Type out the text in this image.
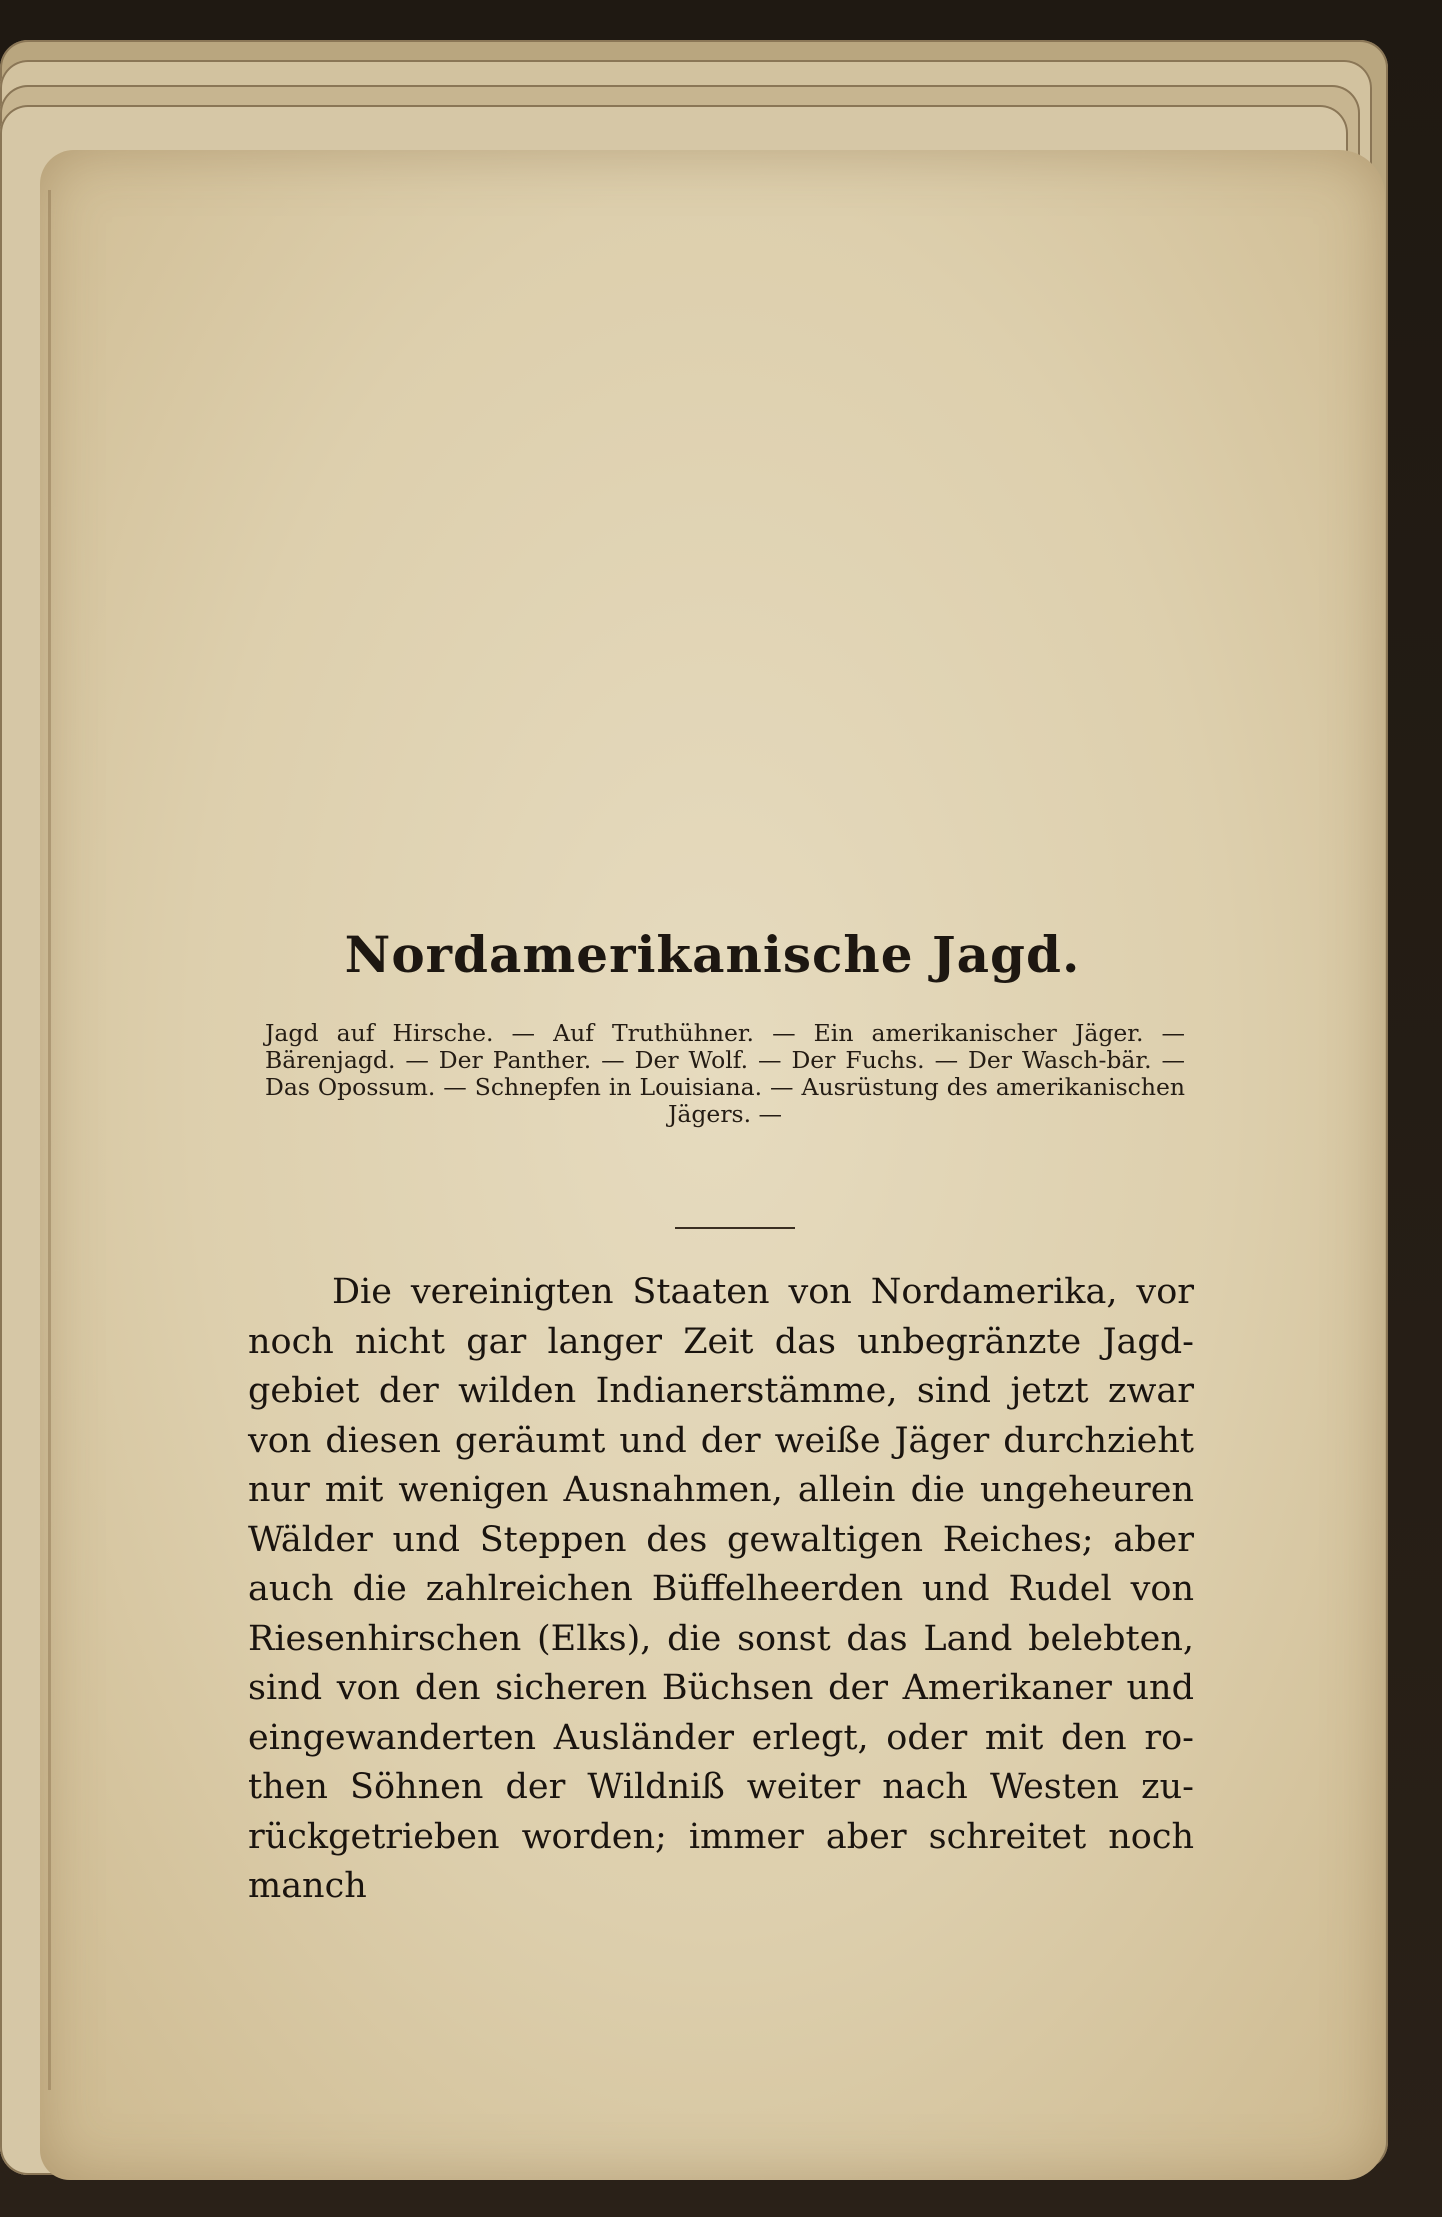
Nordamerikanische Jagd.

Jagd auf Hirsche. — Auf Truthühner. — Ein amerikanischer Jäger. — Bärenjagd. — Der Panther. — Der Wolf. — Der Fuchs. — Der Wasch-bär. — Das Opossum. — Schnepfen in Louisiana. — Ausrüstung des amerikanischen Jägers. —

Die vereinigten Staaten von Nordamerika, vor noch nicht gar langer Zeit das unbegränzte Jagd-gebiet der wilden Indianerstämme, sind jetzt zwar von diesen geräumt und der weiße Jäger durchzieht nur mit wenigen Ausnahmen, allein die ungeheuren Wälder und Steppen des gewaltigen Reiches; aber auch die zahlreichen Büffelheerden und Rudel von Riesenhirschen (Elks), die sonst das Land belebten, sind von den sicheren Büchsen der Amerikaner und eingewanderten Ausländer erlegt, oder mit den ro-then Söhnen der Wildniß weiter nach Westen zu-rückgetrieben worden; immer aber schreitet noch manch
